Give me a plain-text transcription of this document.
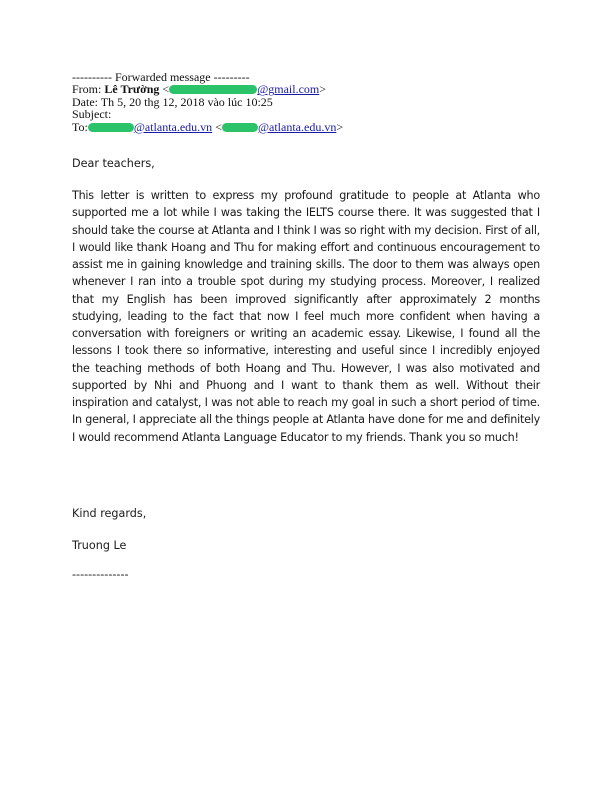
---------- Forwarded message ---------
From: Lê Trường <	@gmail.com>
Date: Th 5, 20 thg 12, 2018 vào lúc 10:25
Subject:
To:	@atlanta.edu.vn <	@atlanta.edu.vn>
Dear teachers,
This letter is written to express my profound gratitude to people at Atlanta who supported me a lot while I was taking the IELTS course there. It was suggested that I should take the course at Atlanta and I think I was so right with my decision. First of all, I would like thank Hoang and Thu for making effort and continuous encouragement to assist me in gaining knowledge and training skills. The door to them was always open whenever I ran into a trouble spot during my studying process. Moreover, I realized that my English has been improved significantly after approximately 2 months studying, leading to the fact that now I feel much more confident when having a conversation with foreigners or writing an academic essay. Likewise, I found all the lessons I took there so informative, interesting and useful since I incredibly enjoyed the teaching methods of both Hoang and Thu. However, I was also motivated and supported by Nhi and Phuong and I want to thank them as well. Without their inspiration and catalyst, I was not able to reach my goal in such a short period of time. In general, I appreciate all the things people at Atlanta have done for me and definitely I would recommend Atlanta Language Educator to my friends. Thank you so much!
Kind regards,
Truong Le
--------------
